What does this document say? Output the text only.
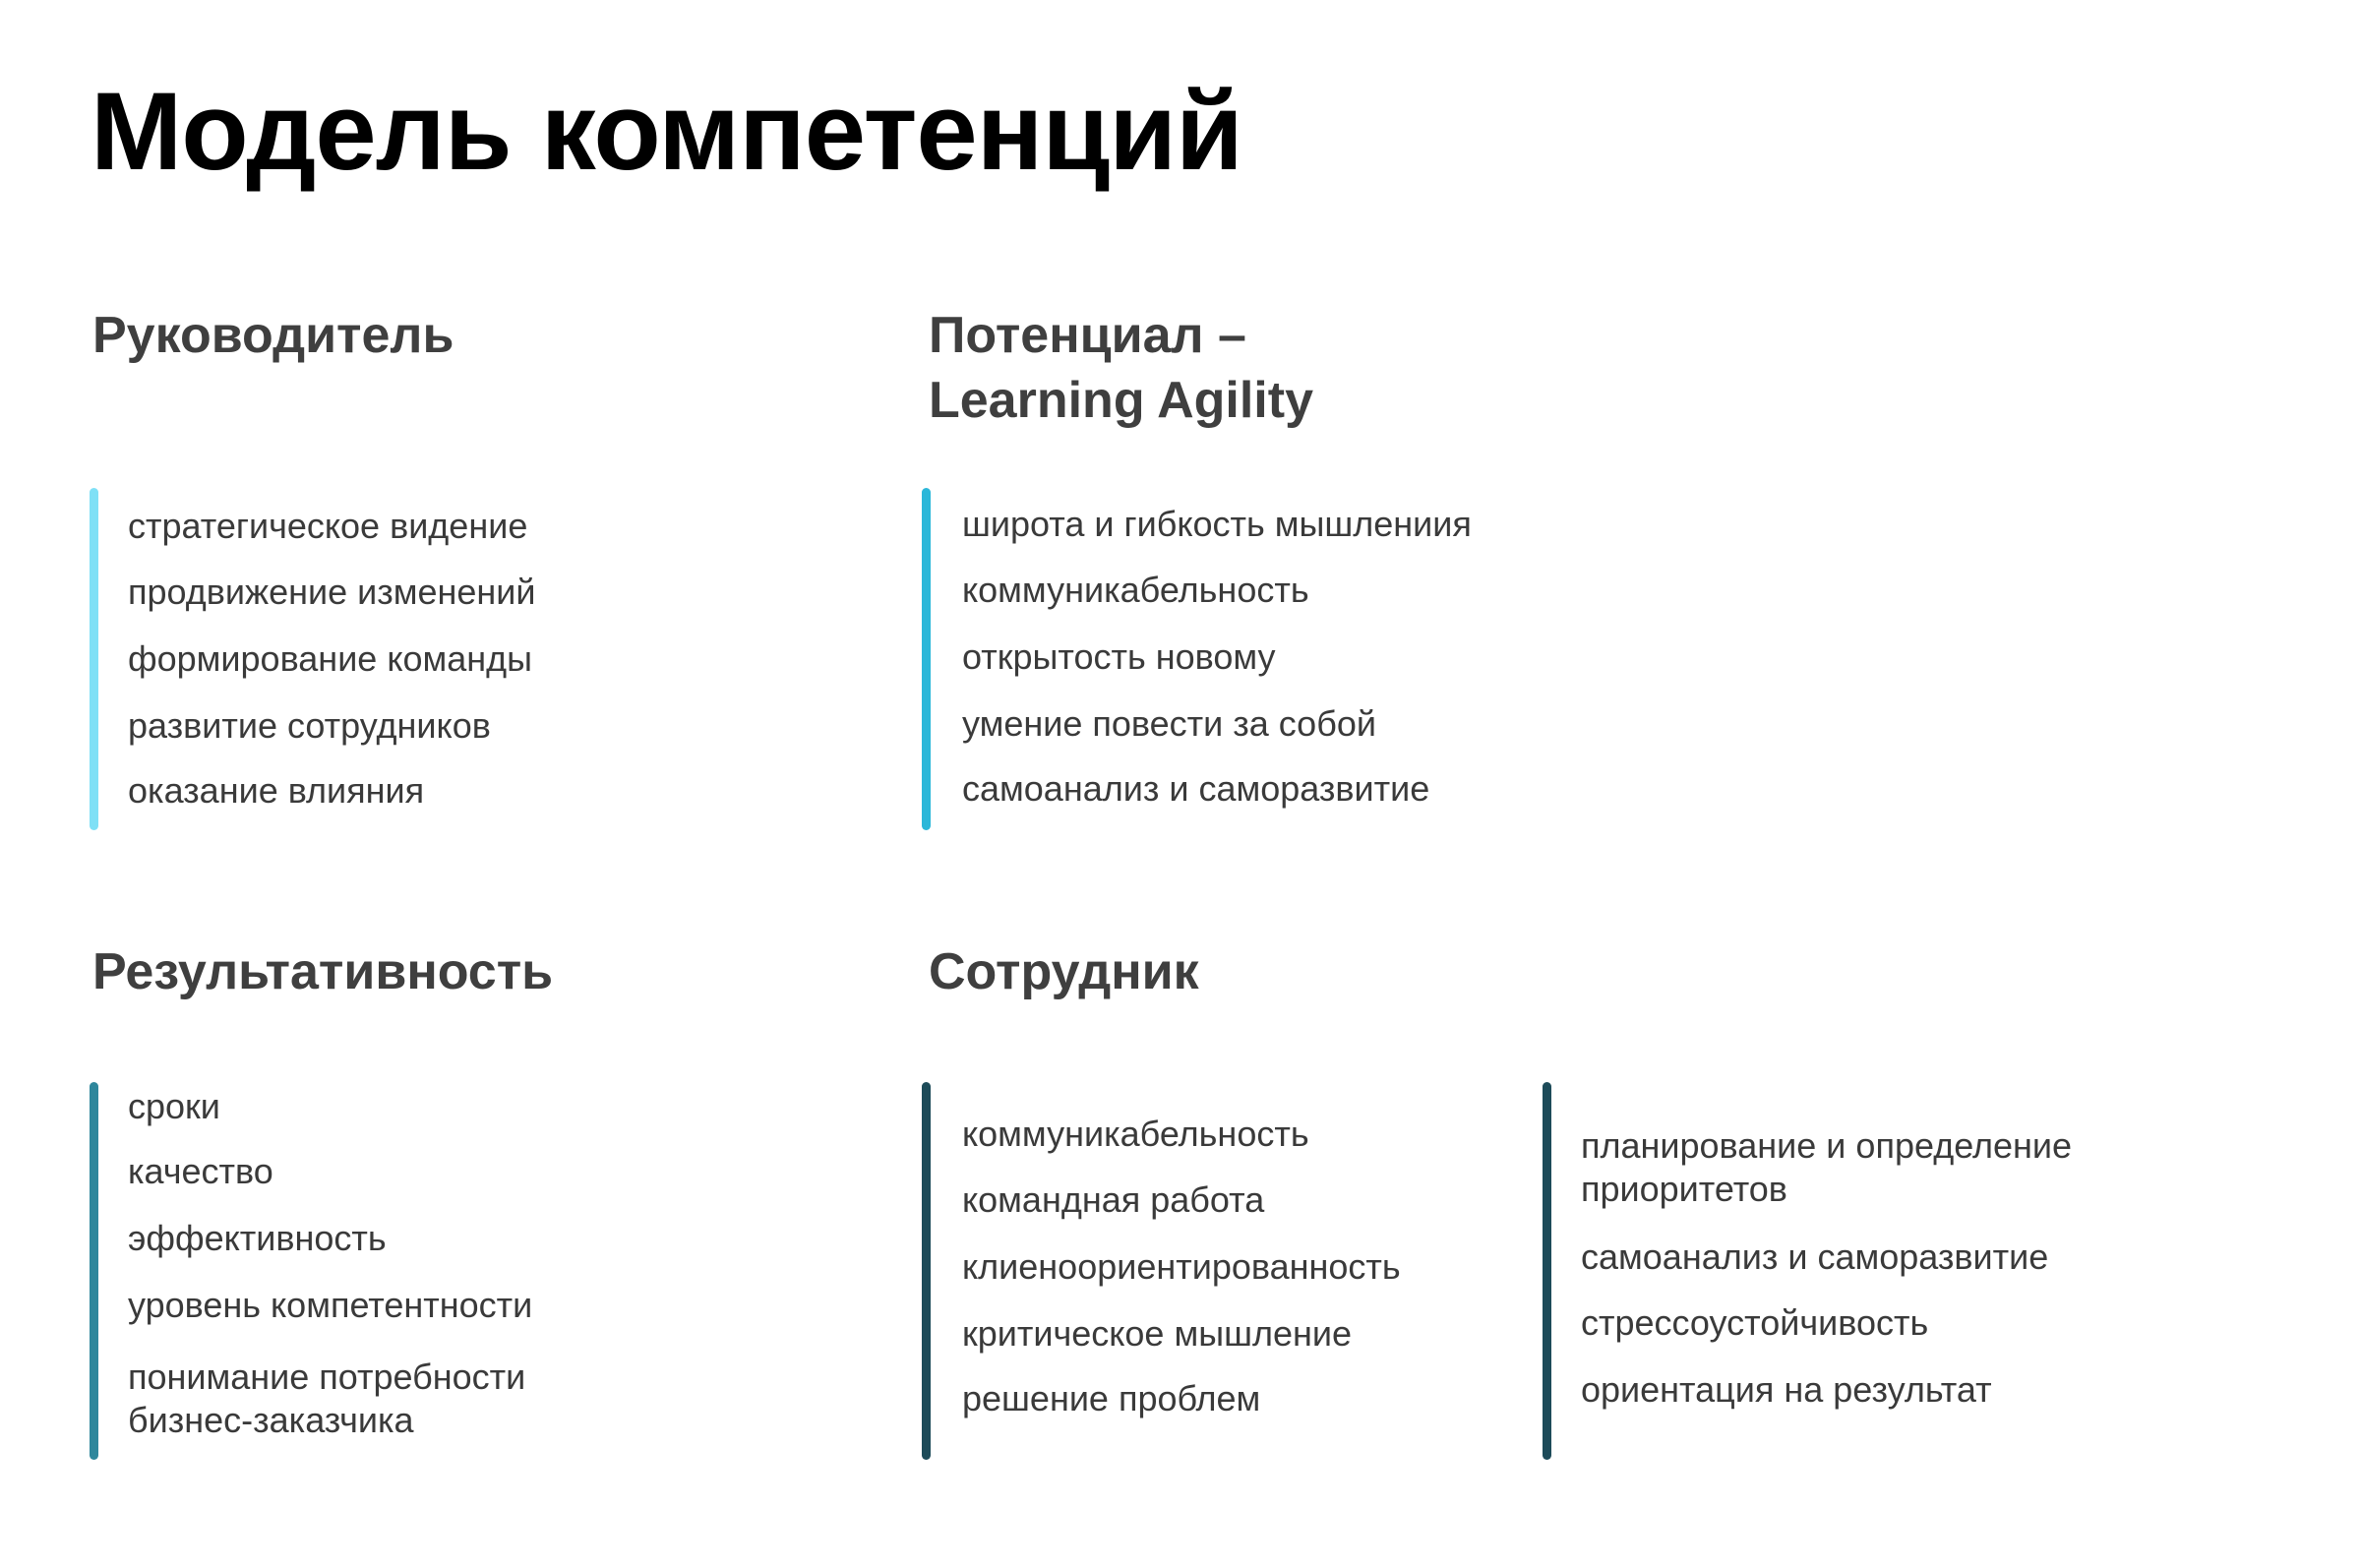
Модель компетенций
Руководитель
стратегическое видение
продвижение изменений
формирование команды
развитие сотрудников
оказание влияния
Потенциал –
Learning Agility
широта и гибкость мышлениия
коммуникабельность
открытость новому
умение повести за собой
самоанализ и саморазвитие
Результативность
сроки
качество
эффективность
уровень компетентности
понимание потребности
бизнес-заказчика
Сотрудник
коммуникабельность
командная работа
клиеноориентированность
критическое мышление
решение проблем
планирование и определение
приоритетов
самоанализ и саморазвитие
стрессоустойчивость
ориентация на результат
